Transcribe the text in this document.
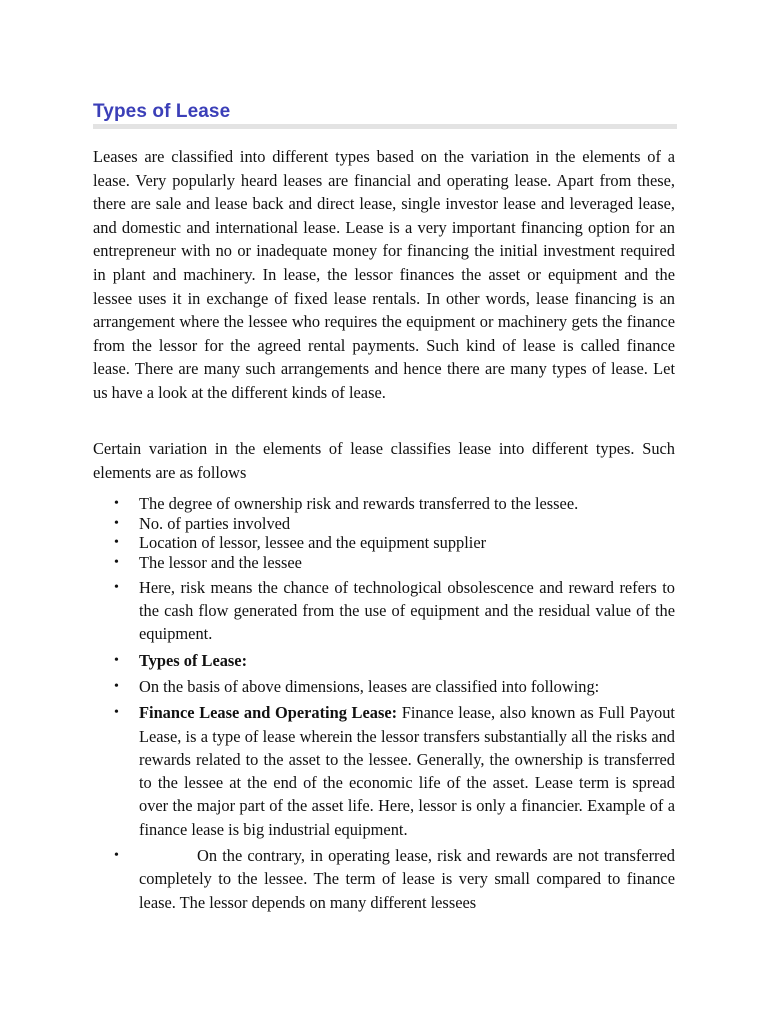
Types of Lease

Leases are classified into different types based on the variation in the elements of a lease. Very popularly heard leases are financial and operating lease. Apart from these, there are sale and lease back and direct lease, single investor lease and leveraged lease, and domestic and international lease. Lease is a very important financing option for an entrepreneur with no or inadequate money for financing the initial investment required in plant and machinery. In lease, the lessor finances the asset or equipment and the lessee uses it in exchange of fixed lease rentals. In other words, lease financing is an arrangement where the lessee who requires the equipment or machinery gets the finance from the lessor for the agreed rental payments. Such kind of lease is called finance lease. There are many such arrangements and hence there are many types of lease. Let us have a look at the different kinds of lease.

Certain variation in the elements of lease classifies lease into different types. Such elements are as follows

• The degree of ownership risk and rewards transferred to the lessee.
• No. of parties involved
• Location of lessor, lessee and the equipment supplier
• The lessor and the lessee
• Here, risk means the chance of technological obsolescence and reward refers to the cash flow generated from the use of equipment and the residual value of the equipment.
• Types of Lease:
• On the basis of above dimensions, leases are classified into following:
• Finance Lease and Operating Lease: Finance lease, also known as Full Payout Lease, is a type of lease wherein the lessor transfers substantially all the risks and rewards related to the asset to the lessee. Generally, the ownership is transferred to the lessee at the end of the economic life of the asset. Lease term is spread over the major part of the asset life. Here, lessor is only a financier. Example of a finance lease is big industrial equipment.
•	On the contrary, in operating lease, risk and rewards are not transferred completely to the lessee. The term of lease is very small compared to finance lease. The lessor depends on many different lessees
